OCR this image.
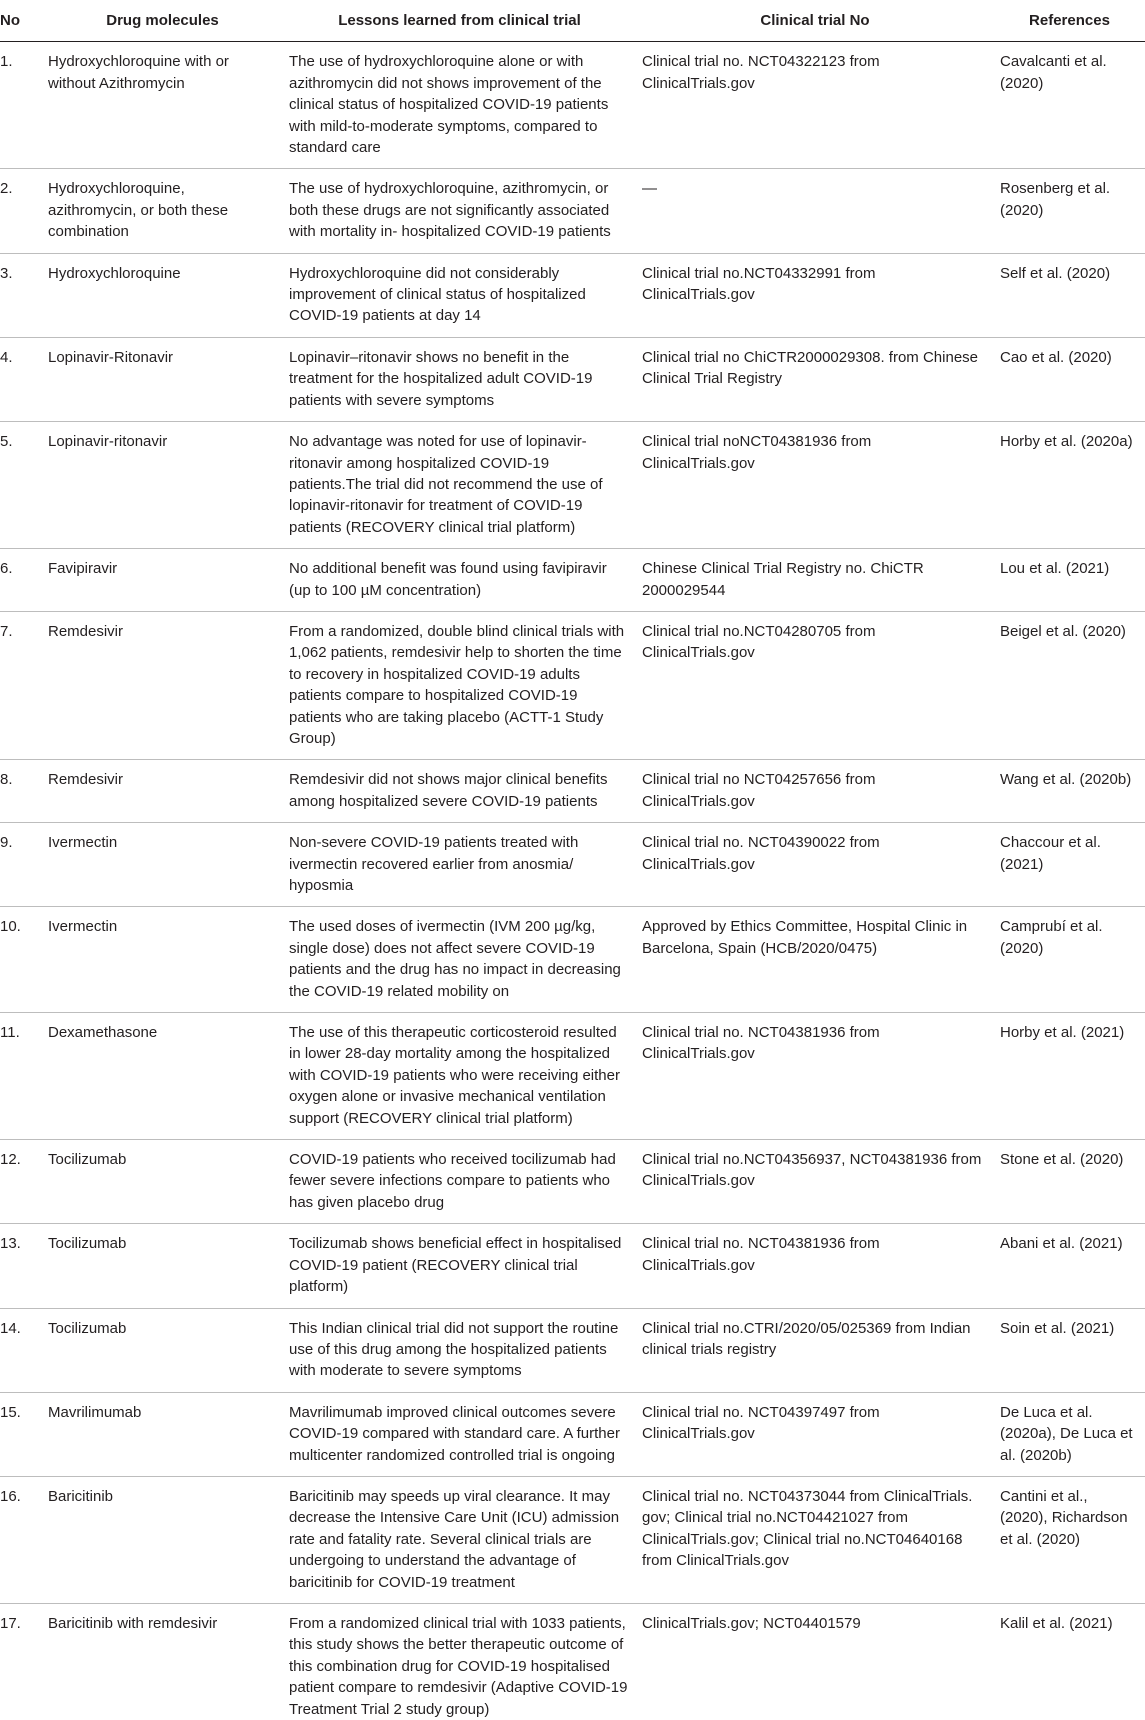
No	Drug molecules	Lessons learned from clinical trial	Clinical trial No	References
1.	Hydroxychloroquine with or without Azithromycin	The use of hydroxychloroquine alone or with azithromycin did not shows improvement of the clinical status of hospitalized COVID-19 patients with mild-to-moderate symptoms, compared to standard care	Clinical trial no. NCT04322123 from ClinicalTrials.gov	Cavalcanti et al. (2020)
2.	Hydroxychloroquine, azithromycin, or both these combination	The use of hydroxychloroquine, azithromycin, or both these drugs are not significantly associated with mortality in- hospitalized COVID-19 patients	—	Rosenberg et al. (2020)
3.	Hydroxychloroquine	Hydroxychloroquine did not considerably improvement of clinical status of hospitalized COVID-19 patients at day 14	Clinical trial no.NCT04332991 from ClinicalTrials.gov	Self et al. (2020)
4.	Lopinavir-Ritonavir	Lopinavir–ritonavir shows no benefit in the treatment for the hospitalized adult COVID-19 patients with severe symptoms	Clinical trial no ChiCTR2000029308. from Chinese Clinical Trial Registry	Cao et al. (2020)
5.	Lopinavir-ritonavir	No advantage was noted for use of lopinavir-ritonavir among hospitalized COVID-19 patients.The trial did not recommend the use of lopinavir-ritonavir for treatment of COVID-19 patients (RECOVERY clinical trial platform)	Clinical trial noNCT04381936 from ClinicalTrials.gov	Horby et al. (2020a)
6.	Favipiravir	No additional benefit was found using favipiravir (up to 100 µM concentration)	Chinese Clinical Trial Registry no. ChiCTR 2000029544	Lou et al. (2021)
7.	Remdesivir	From a randomized, double blind clinical trials with 1,062 patients, remdesivir help to shorten the time to recovery in hospitalized COVID-19 adults patients compare to hospitalized COVID-19 patients who are taking placebo (ACTT-1 Study Group)	Clinical trial no.NCT04280705 from ClinicalTrials.gov	Beigel et al. (2020)
8.	Remdesivir	Remdesivir did not shows major clinical benefits among hospitalized severe COVID-19 patients	Clinical trial no NCT04257656 from ClinicalTrials.gov	Wang et al. (2020b)
9.	Ivermectin	Non-severe COVID-19 patients treated with ivermectin recovered earlier from anosmia/ hyposmia	Clinical trial no. NCT04390022 from ClinicalTrials.gov	Chaccour et al. (2021)
10.	Ivermectin	The used doses of ivermectin (IVM 200 µg/kg, single dose) does not affect severe COVID-19 patients and the drug has no impact in decreasing the COVID-19 related mobility on	Approved by Ethics Committee, Hospital Clinic in Barcelona, Spain (HCB/2020/0475)	Camprubí et al. (2020)
11.	Dexamethasone	The use of this therapeutic corticosteroid resulted in lower 28-day mortality among the hospitalized with COVID-19 patients who were receiving either oxygen alone or invasive mechanical ventilation support (RECOVERY clinical trial platform)	Clinical trial no. NCT04381936 from ClinicalTrials.gov	Horby et al. (2021)
12.	Tocilizumab	COVID-19 patients who received tocilizumab had fewer severe infections compare to patients who has given placebo drug	Clinical trial no.NCT04356937, NCT04381936 from ClinicalTrials.gov	Stone et al. (2020)
13.	Tocilizumab	Tocilizumab shows beneficial effect in hospitalised COVID-19 patient (RECOVERY clinical trial platform)	Clinical trial no. NCT04381936 from ClinicalTrials.gov	Abani et al. (2021)
14.	Tocilizumab	This Indian clinical trial did not support the routine use of this drug among the hospitalized patients with moderate to severe symptoms	Clinical trial no.CTRI/2020/05/025369 from Indian clinical trials registry	Soin et al. (2021)
15.	Mavrilimumab	Mavrilimumab improved clinical outcomes severe COVID-19 compared with standard care. A further multicenter randomized controlled trial is ongoing	Clinical trial no. NCT04397497 from ClinicalTrials.gov	De Luca et al. (2020a), De Luca et al. (2020b)
16.	Baricitinib	Baricitinib may speeds up viral clearance. It may decrease the Intensive Care Unit (ICU) admission rate and fatality rate. Several clinical trials are undergoing to understand the advantage of baricitinib for COVID-19 treatment	Clinical trial no. NCT04373044 from ClinicalTrials. gov; Clinical trial no.NCT04421027 from ClinicalTrials.gov; Clinical trial no.NCT04640168 from ClinicalTrials.gov	Cantini et al., (2020), Richardson et al. (2020)
17.	Baricitinib with remdesivir	From a randomized clinical trial with 1033 patients, this study shows the better therapeutic outcome of this combination drug for COVID-19 hospitalised patient compare to remdesivir (Adaptive COVID-19 Treatment Trial 2 study group)	ClinicalTrials.gov; NCT04401579	Kalil et al. (2021)
